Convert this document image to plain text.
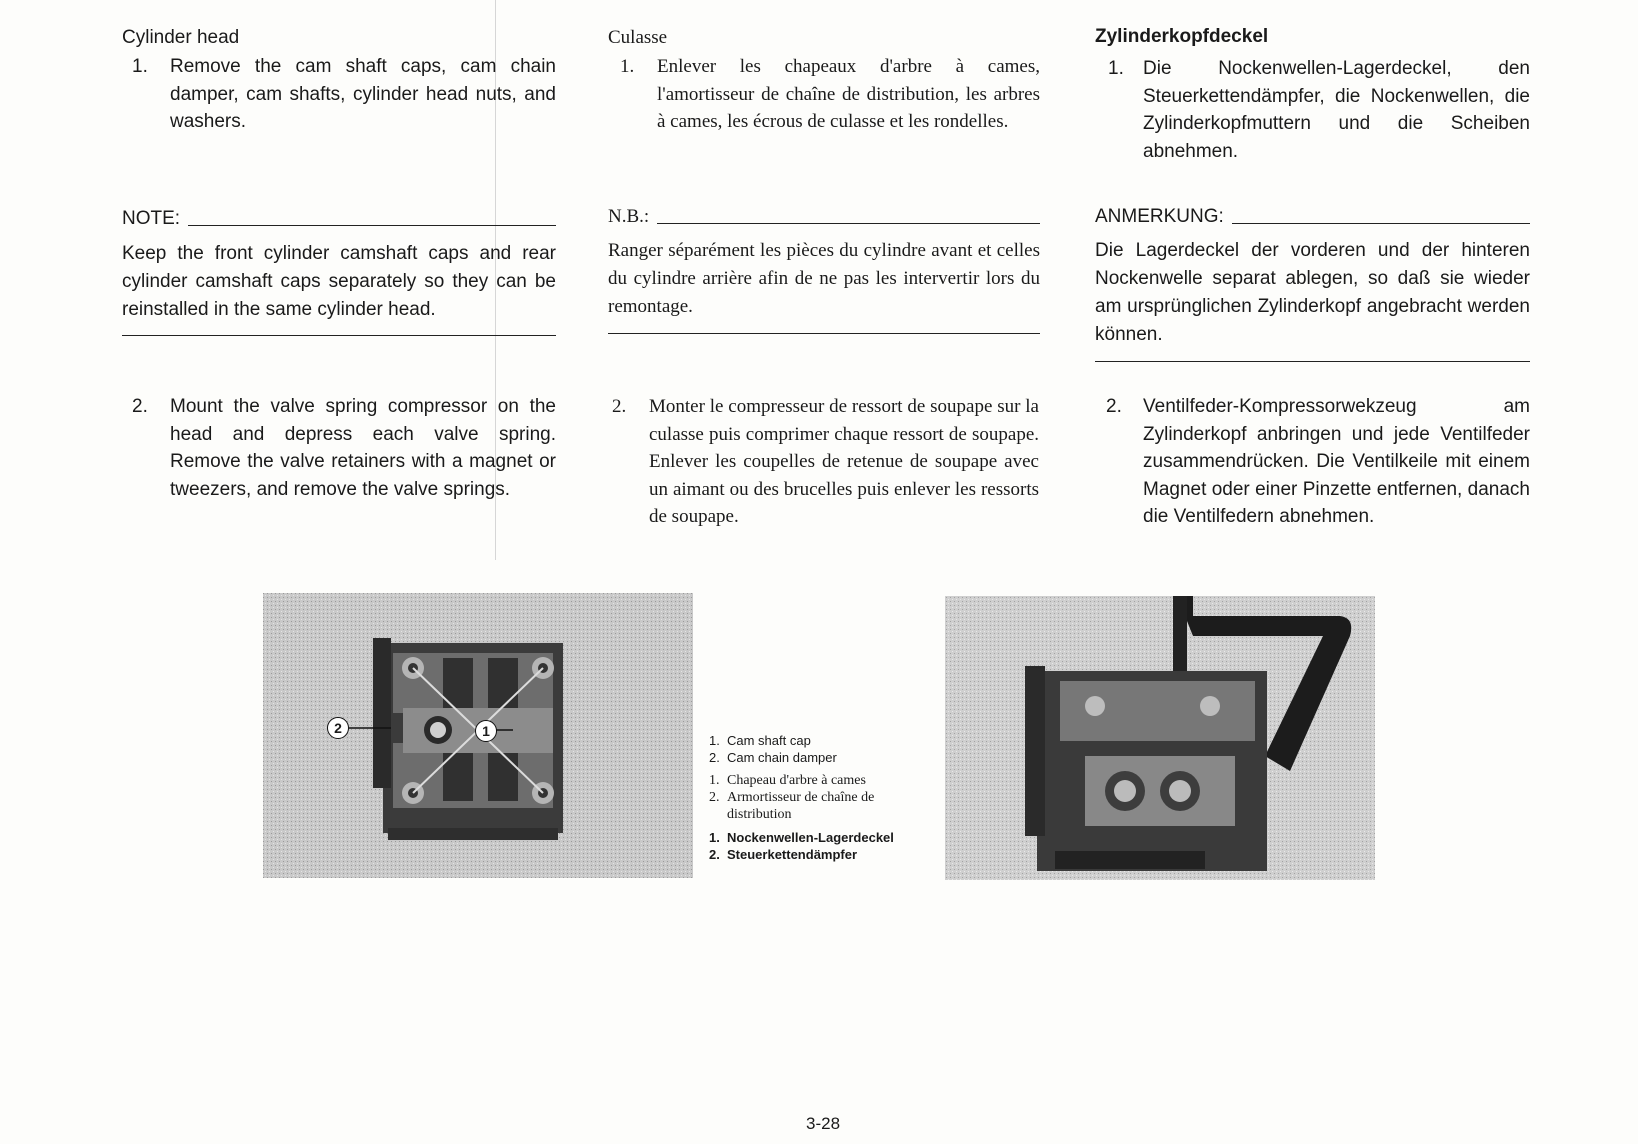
Cylinder head
1. Remove the cam shaft caps, cam chain damper, cam shafts, cylinder head nuts, and washers.
NOTE:
Keep the front cylinder camshaft caps and rear cylinder camshaft caps separately so they can be reinstalled in the same cylinder head.
2. Mount the valve spring compressor on the head and depress each valve spring. Remove the valve retainers with a magnet or tweezers, and remove the valve springs.
Culasse
1. Enlever les chapeaux d'arbre à cames, l'amortisseur de chaîne de distribution, les arbres à cames, les écrous de culasse et les rondelles.
N.B.:
Ranger séparément les pièces du cylindre avant et celles du cylindre arrière afin de ne pas les intervertir lors du remontage.
2. Monter le compresseur de ressort de soupape sur la culasse puis comprimer chaque ressort de soupape. Enlever les coupelles de retenue de soupape avec un aimant ou des brucelles puis enlever les ressorts de soupape.
Zylinderkopfdeckel
1. Die Nockenwellen-Lagerdeckel, den Steuerkettendämpfer, die Nockenwellen, die Zylinderkopfmuttern und die Scheiben abnehmen.
ANMERKUNG:
Die Lagerdeckel der vorderen und der hinteren Nockenwelle separat ablegen, so daß sie wieder am ursprünglichen Zylinderkopf angebracht werden können.
2. Ventilfeder-Kompressorwekzeug am Zylinderkopf anbringen und jede Ventilfeder zusammendrücken. Die Ventilkeile mit einem Magnet oder einer Pinzette entfernen, danach die Ventilfedern abnehmen.
2	1
1. Cam shaft cap
2. Cam chain damper
1. Chapeau d'arbre à cames
2. Armortisseur de chaîne de distribution
1. Nockenwellen-Lagerdeckel
2. Steuerkettendämpfer
3-28
